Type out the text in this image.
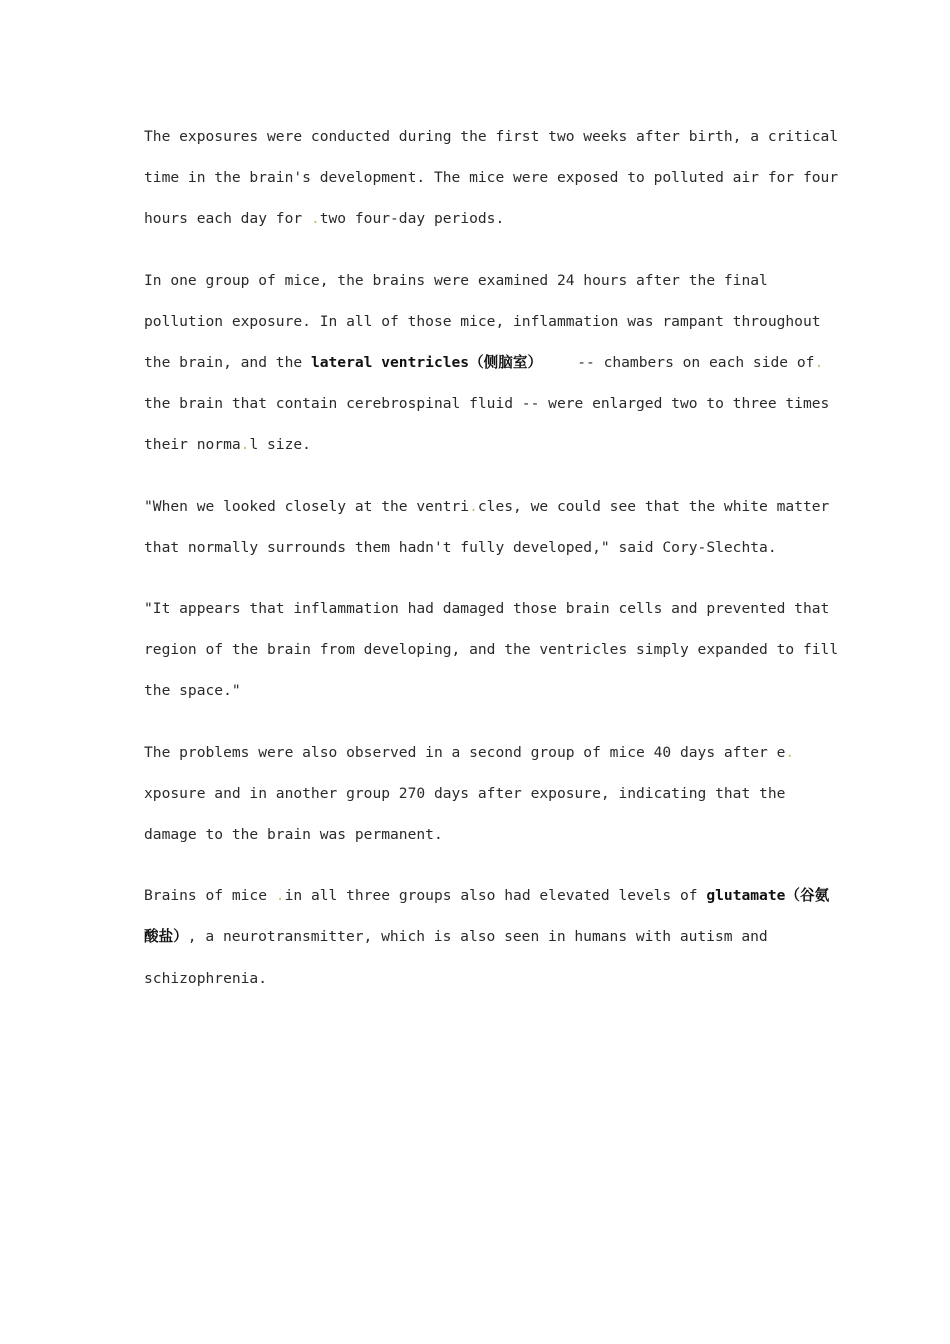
The exposures were conducted during the first two weeks after birth, a critical
time in the brain's development. The mice were exposed to polluted air for four
hours each day for .two four-day periods.

In one group of mice, the brains were examined 24 hours after the final
pollution exposure. In all of those mice, inflammation was rampant throughout
the brain, and the lateral ventricles（侧脑室）    -- chambers on each side of.
the brain that contain cerebrospinal fluid -- were enlarged two to three times
their norma.l size.

"When we looked closely at the ventri.cles, we could see that the white matter
that normally surrounds them hadn't fully developed," said Cory-Slechta.

"It appears that inflammation had damaged those brain cells and prevented that
region of the brain from developing, and the ventricles simply expanded to fill
the space."

The problems were also observed in a second group of mice 40 days after e.
xposure and in another group 270 days after exposure, indicating that the
damage to the brain was permanent.

Brains of mice .in all three groups also had elevated levels of glutamate（谷氨
酸盐）, a neurotransmitter, which is also seen in humans with autism and
schizophrenia.
